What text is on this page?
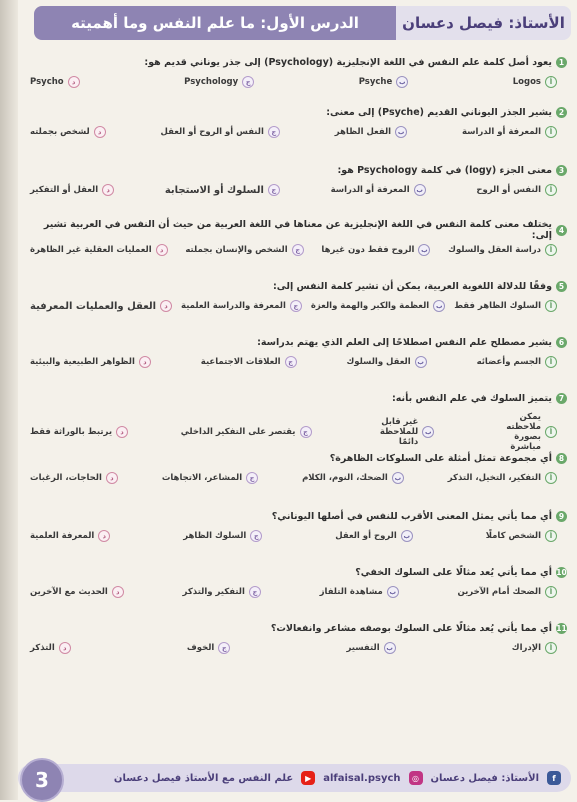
الأستاذ: فيصل دعسان
الدرس الأول: ما علم النفس وما أهميته
1
يعود أصل كلمة علم النفس في اللغة الإنجليزية (Psychology) إلى جذر يوناني قديم هو:
أ
Logos
ب
Psyche
ج
Psychology
د
Psycho
2
يشير الجذر اليوناني القديم (Psyche) إلى معنى:
أ
المعرفة أو الدراسة
ب
الفعل الظاهر
ج
النفس أو الروح أو العقل
د
لشخص بجملته
3
معنى الجزء (logy) في كلمة Psychology هو:
أ
النفس أو الروح
ب
المعرفة أو الدراسة
ج
السلوك أو الاستجابة
د
العقل أو التفكير
4
يختلف معنى كلمة النفس في اللغة الإنجليزية عن معناها في اللغة العربية من حيث أن النفس في العربية تشير إلى:
أ
دراسة العقل والسلوك
ب
الروح فقط دون غيرها
ج
الشخص والإنسان بجملته
د
العمليات العقلية غير الظاهرة
5
وفقًا للدلالة اللغوية العربية، يمكن أن تشير كلمة النفس إلى:
أ
السلوك الظاهر فقط
ب
العظمة والكبر والهمة والعزة
ج
المعرفة والدراسة العلمية
د
العقل والعمليات المعرفية
6
يشير مصطلح علم النفس اصطلاحًا إلى العلم الذي يهتم بدراسة:
أ
الجسم وأعضائه
ب
العقل والسلوك
ج
العلاقات الاجتماعية
د
الظواهر الطبيعية والبيئية
7
يتميز السلوك في علم النفس بأنه:
أ
يمكن ملاحظته بصورة مباشرة
ب
غير قابل للملاحظة دائمًا
ج
يقتصر على التفكير الداخلي
د
يرتبط بالوراثة فقط
8
أي مجموعة تمثل أمثلة على السلوكات الظاهرة؟
أ
التفكير، التخيل، التذكر
ب
الضحك، النوم، الكلام
ج
المشاعر، الاتجاهات
د
الحاجات، الرغبات
9
أي مما يأتي يمثل المعنى الأقرب للنفس في أصلها اليوناني؟
أ
الشخص كاملًا
ب
الروح أو العقل
ج
السلوك الظاهر
د
المعرفة العلمية
10
أي مما يأتي يُعد مثالًا على السلوك الخفي؟
أ
الضحك أمام الآخرين
ب
مشاهدة التلفاز
ج
التفكير والتذكر
د
الحديث مع الآخرين
11
أي مما يأتي يُعد مثالًا على السلوك بوصفه مشاعر وانفعالات؟
أ
الإدراك
ب
التفسير
ج
الخوف
د
التذكر
f
الأستاذ: فيصل دعسان
◎
alfaisal.psych
▶
علم النفس مع الأستاذ فيصل دعسان
3
